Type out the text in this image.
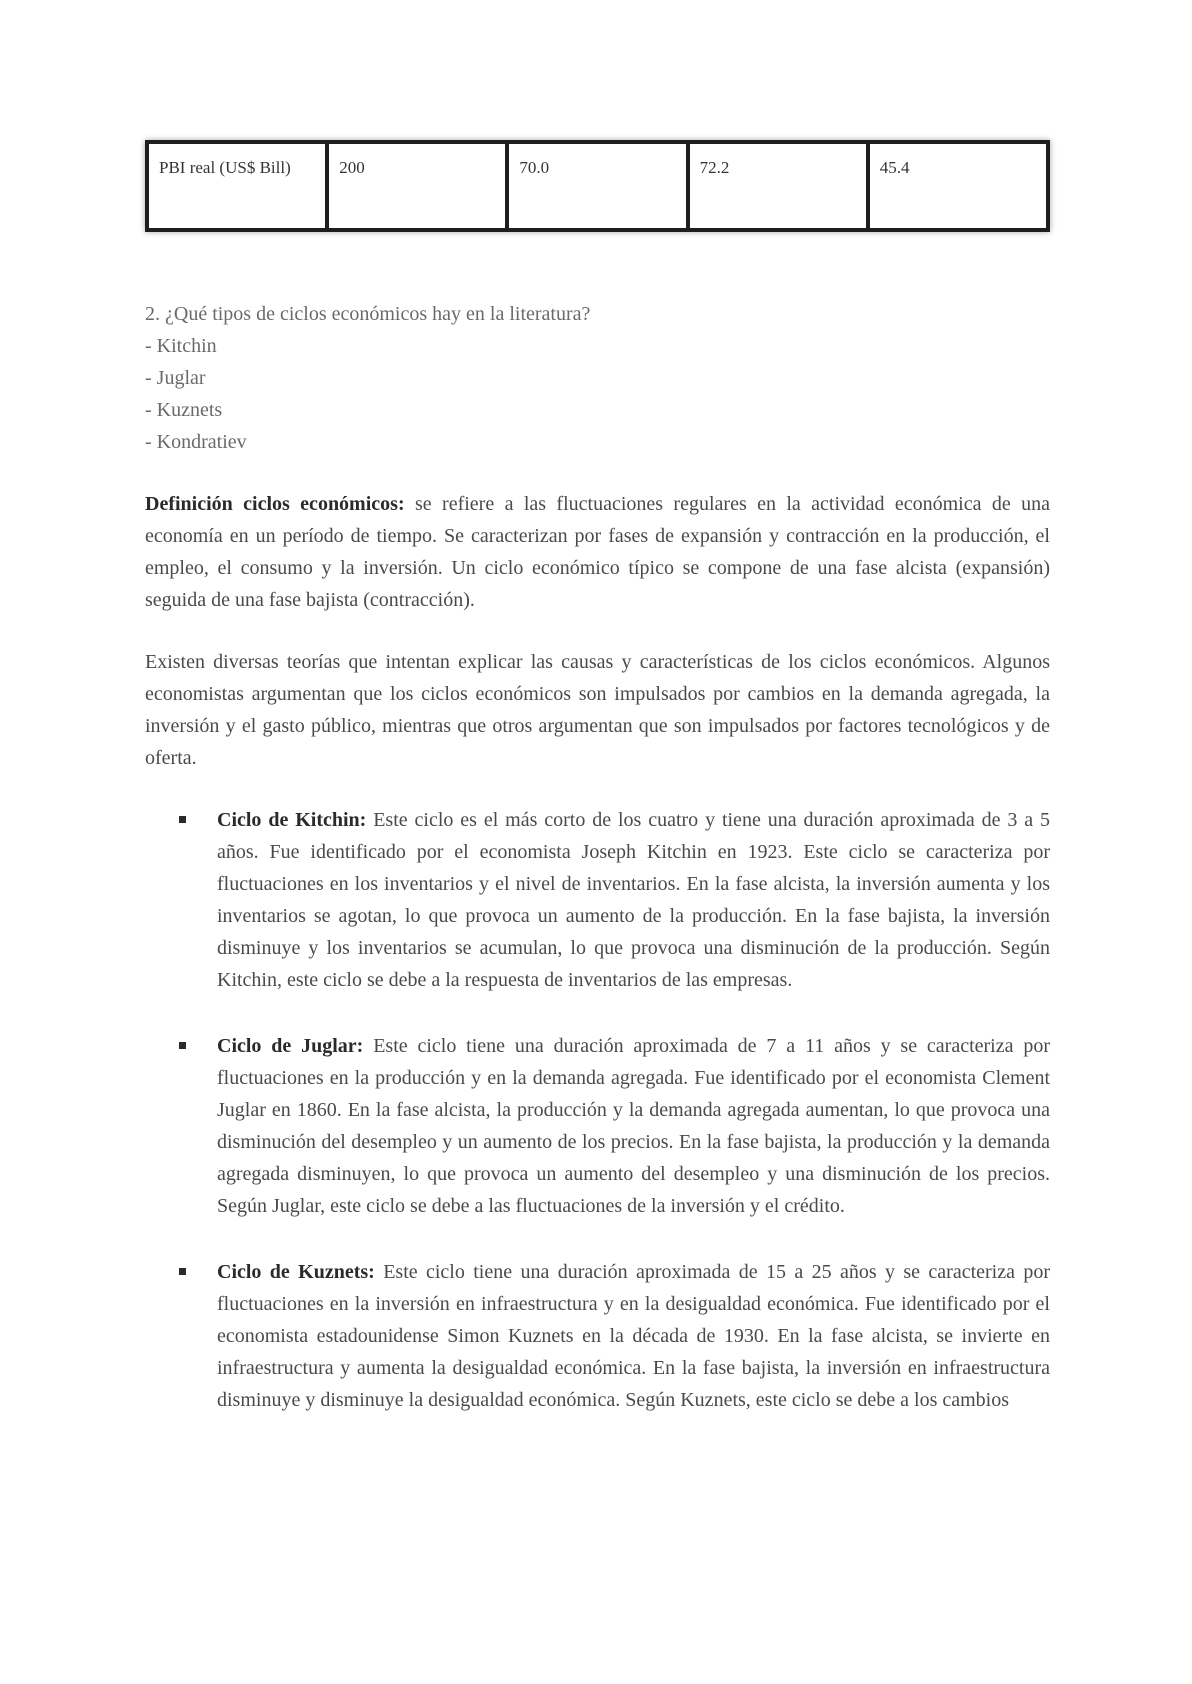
PBI real (US$ Bill)	200	70.0	72.2	45.4
2. ¿Qué tipos de ciclos económicos hay en la literatura?
- Kitchin
- Juglar
- Kuznets
- Kondratiev

Definición ciclos económicos: se refiere a las fluctuaciones regulares en la actividad económica de una economía en un período de tiempo. Se caracterizan por fases de expansión y contracción en la producción, el empleo, el consumo y la inversión. Un ciclo económico típico se compone de una fase alcista (expansión) seguida de una fase bajista (contracción).

Existen diversas teorías que intentan explicar las causas y características de los ciclos económicos. Algunos economistas argumentan que los ciclos económicos son impulsados por cambios en la demanda agregada, la inversión y el gasto público, mientras que otros argumentan que son impulsados por factores tecnológicos y de oferta.

Ciclo de Kitchin: Este ciclo es el más corto de los cuatro y tiene una duración aproximada de 3 a 5 años. Fue identificado por el economista Joseph Kitchin en 1923. Este ciclo se caracteriza por fluctuaciones en los inventarios y el nivel de inventarios. En la fase alcista, la inversión aumenta y los inventarios se agotan, lo que provoca un aumento de la producción. En la fase bajista, la inversión disminuye y los inventarios se acumulan, lo que provoca una disminución de la producción. Según Kitchin, este ciclo se debe a la respuesta de inventarios de las empresas.
Ciclo de Juglar: Este ciclo tiene una duración aproximada de 7 a 11 años y se caracteriza por fluctuaciones en la producción y en la demanda agregada. Fue identificado por el economista Clement Juglar en 1860. En la fase alcista, la producción y la demanda agregada aumentan, lo que provoca una disminución del desempleo y un aumento de los precios. En la fase bajista, la producción y la demanda agregada disminuyen, lo que provoca un aumento del desempleo y una disminución de los precios. Según Juglar, este ciclo se debe a las fluctuaciones de la inversión y el crédito.
Ciclo de Kuznets: Este ciclo tiene una duración aproximada de 15 a 25 años y se caracteriza por fluctuaciones en la inversión en infraestructura y en la desigualdad económica. Fue identificado por el economista estadounidense Simon Kuznets en la década de 1930. En la fase alcista, se invierte en infraestructura y aumenta la desigualdad económica. En la fase bajista, la inversión en infraestructura disminuye y disminuye la desigualdad económica. Según Kuznets, este ciclo se debe a los cambios
